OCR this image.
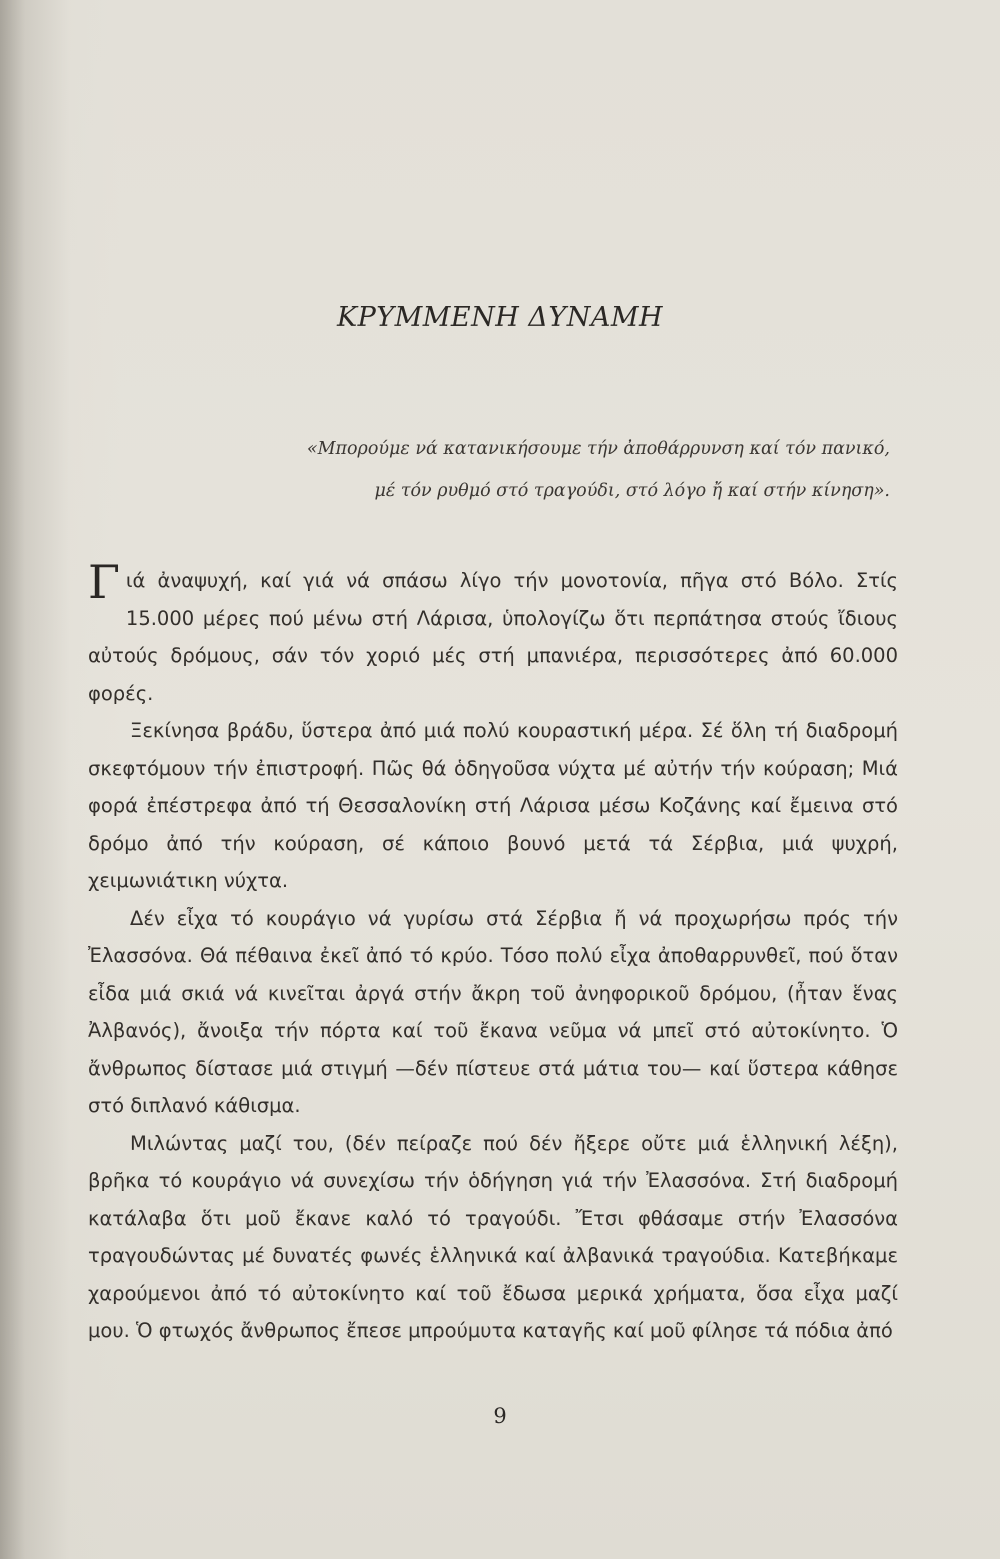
ΚΡΥΜΜΕΝΗ ΔΥΝΑΜΗ
«Μπορούμε νά κατανικήσουμε τήν ἀποθάρρυνση καί τόν πανικό,
μέ τόν ρυθμό στό τραγούδι, στό λόγο ἤ καί στήν κίνηση».

Γιά ἀναψυχή, καί γιά νά σπάσω λίγο τήν μονοτονία, πῆγα στό Βόλο. Στίς 15.000 μέρες πού μένω στή Λάρισα, ὑπολογίζω ὅτι περπάτησα στούς ἴδιους αὐτούς δρόμους, σάν τόν χοριό μές στή μπανιέρα, περισσότερες ἀπό 60.000 φορές.

Ξεκίνησα βράδυ, ὕστερα ἀπό μιά πολύ κουραστική μέρα. Σέ ὅλη τή διαδρομή σκεφτόμουν τήν ἐπιστροφή. Πῶς θά ὁδηγοῦσα νύχτα μέ αὐτήν τήν κούραση; Μιά φορά ἐπέστρεφα ἀπό τή Θεσσαλονίκη στή Λάρισα μέσω Κοζάνης καί ἔμεινα στό δρόμο ἀπό τήν κούραση, σέ κάποιο βουνό μετά τά Σέρβια, μιά ψυχρή, χειμωνιάτικη νύχτα.

Δέν εἶχα τό κουράγιο νά γυρίσω στά Σέρβια ἤ νά προχωρήσω πρός τήν Ἐλασσόνα. Θά πέθαινα ἐκεῖ ἀπό τό κρύο. Τόσο πολύ εἶχα ἀποθαρρυνθεῖ, πού ὅταν εἶδα μιά σκιά νά κινεῖται ἀργά στήν ἄκρη τοῦ ἀνηφορικοῦ δρόμου, (ἦταν ἕνας Ἀλβανός), ἄνοιξα τήν πόρτα καί τοῦ ἔκανα νεῦμα νά μπεῖ στό αὐτοκίνητο. Ὁ ἄνθρωπος δίστασε μιά στιγμή —δέν πίστευε στά μάτια του— καί ὕστερα κάθησε στό διπλανό κάθισμα.

Μιλώντας μαζί του, (δέν πείραζε πού δέν ἤξερε οὔτε μιά ἑλληνική λέξη), βρῆκα τό κουράγιο νά συνεχίσω τήν ὁδήγηση γιά τήν Ἐλασσόνα. Στή διαδρομή κατάλαβα ὅτι μοῦ ἔκανε καλό τό τραγούδι. Ἔτσι φθάσαμε στήν Ἐλασσόνα τραγουδώντας μέ δυνατές φωνές ἑλληνικά καί ἀλβανικά τραγούδια. Κατεβήκαμε χαρούμενοι ἀπό τό αὐτοκίνητο καί τοῦ ἔδωσα μερικά χρήματα, ὅσα εἶχα μαζί μου. Ὁ φτωχός ἄνθρωπος ἔπεσε μπρούμυτα καταγῆς καί μοῦ φίλησε τά πόδια ἀπό

9
